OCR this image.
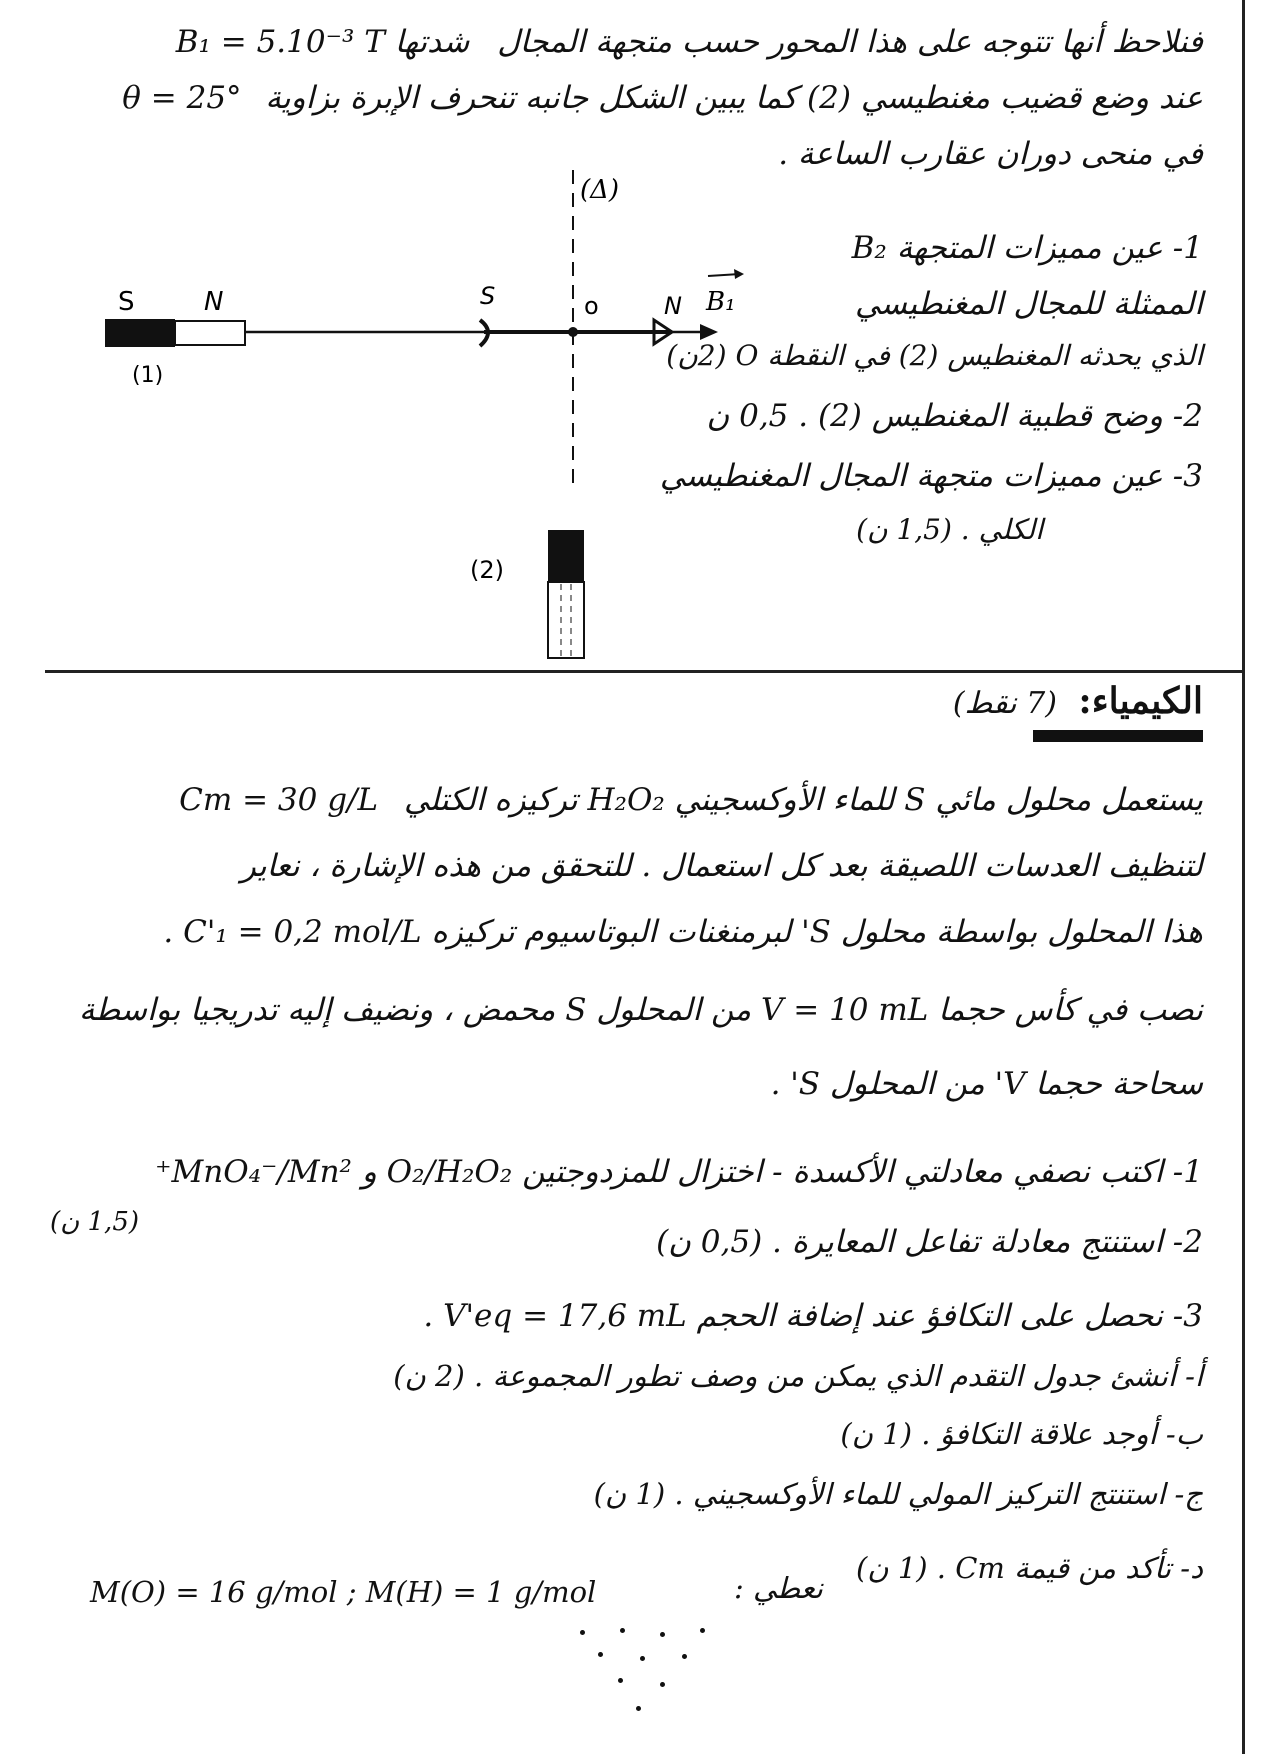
فنلاحظ أنها تتوجه على هذا المحور حسب متجهة المجال B₁ = 5.10⁻³ T شدتها
عند وضع قضيب مغنطيسي (2) كما يبين الشكل جانبه تنحرف الإبرة بزاوية θ = 25°
في منحى دوران عقارب الساعة .
1- عين مميزات المتجهة B₂
الممثلة للمجال المغنطيسي
الذي يحدثه المغنطيس (2) في النقطة O (2ن)
2- وضح قطبية المغنطيس (2) . 0,5 ن
3- عين مميزات متجهة المجال المغنطيسي
الكلي . (1,5 ن)
(Δ)
S	N
(1)
S	o	N B₁
(2)
الكيمياء: (7 نقط)
يستعمل محلول مائي S للماء الأوكسجيني H₂O₂ تركيزه الكتلي Cm = 30 g/L
لتنظيف العدسات اللصيقة بعد كل استعمال . للتحقق من هذه الإشارة ، نعاير
هذا المحلول بواسطة محلول S' لبرمنغنات البوتاسيوم تركيزه C'₁ = 0,2 mol/L .
نصب في كأس حجما V = 10 mL من المحلول S محمض ، ونضيف إليه تدريجيا بواسطة
سحاحة حجما V' من المحلول S' .
1- اكتب نصفي معادلتي الأكسدة - اختزال للمزدوجتين O₂/H₂O₂ و MnO₄⁻/Mn²⁺
(1,5 ن)
2- استنتج معادلة تفاعل المعايرة . (0,5 ن)
3- نحصل على التكافؤ عند إضافة الحجم V'eq = 17,6 mL .
أ- أنشئ جدول التقدم الذي يمكن من وصف تطور المجموعة . (2 ن)
ب- أوجد علاقة التكافؤ . (1 ن)
ج- استنتج التركيز المولي للماء الأوكسجيني . (1 ن)
د- تأكد من قيمة Cm . (1 ن)
نعطي :
M(O) = 16 g/mol ; M(H) = 1 g/mol
